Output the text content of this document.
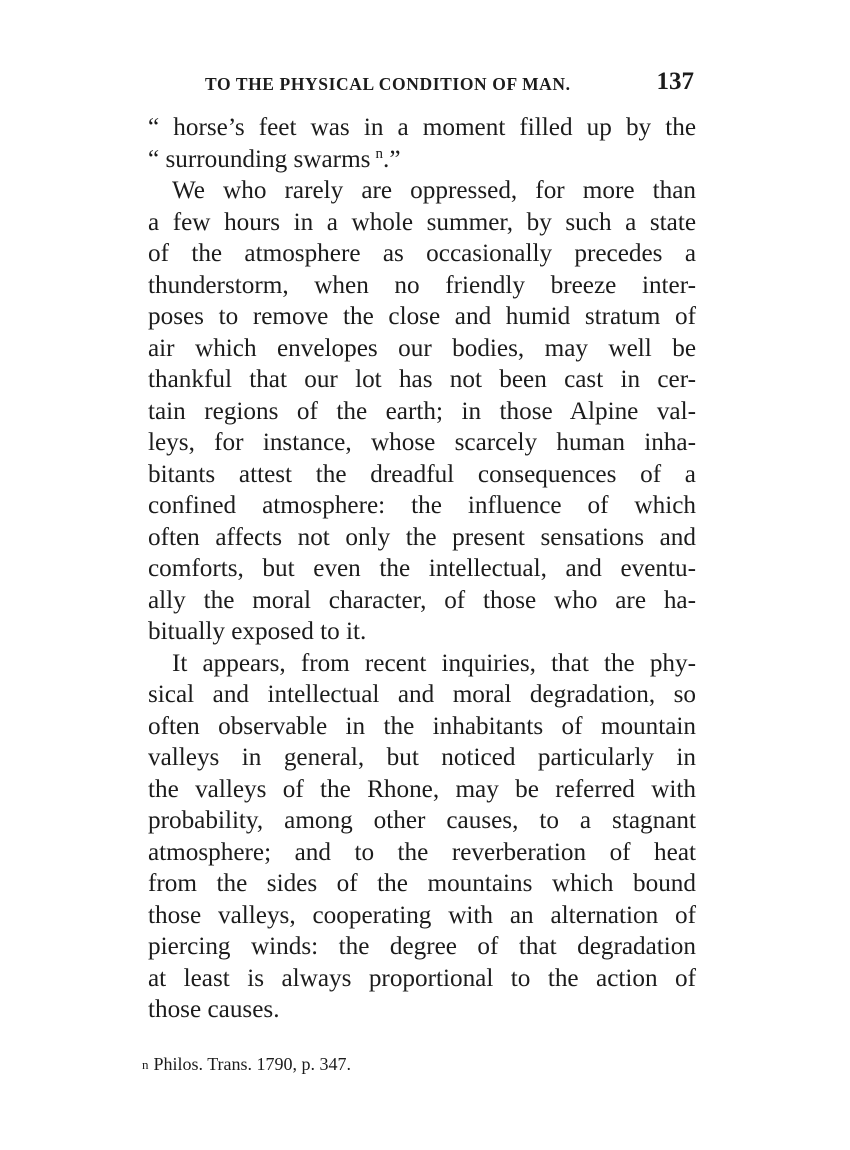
TO THE PHYSICAL CONDITION OF MAN.	137

“ horse’s feet was in a moment filled up by the
“ surrounding swarms  $^n$.”

We who rarely are oppressed, for more than
a few hours in a whole summer, by such a state
of the atmosphere as occasionally precedes a
thunderstorm, when no friendly breeze inter-
poses to remove the close and humid stratum of
air which envelopes our bodies, may well be
thankful that our lot has not been cast in cer-
tain regions of the earth; in those Alpine val-
leys, for instance, whose scarcely human inha-
bitants attest the dreadful consequences of a
confined atmosphere: the influence of which
often affects not only the present sensations and
comforts, but even the intellectual, and eventu-
ally the moral character, of those who are ha-
bitually exposed to it.

It appears, from recent inquiries, that the phy-
sical and intellectual and moral degradation, so
often observable in the inhabitants of mountain
valleys in general, but noticed particularly in
the valleys of the Rhone, may be referred with
probability, among other causes, to a stagnant
atmosphere; and to the reverberation of heat
from the sides of the mountains which bound
those valleys, cooperating with an alternation of
piercing winds: the degree of that degradation
at least is always proportional to the action of
those causes.

n Philos. Trans. 1790, p. 347.
